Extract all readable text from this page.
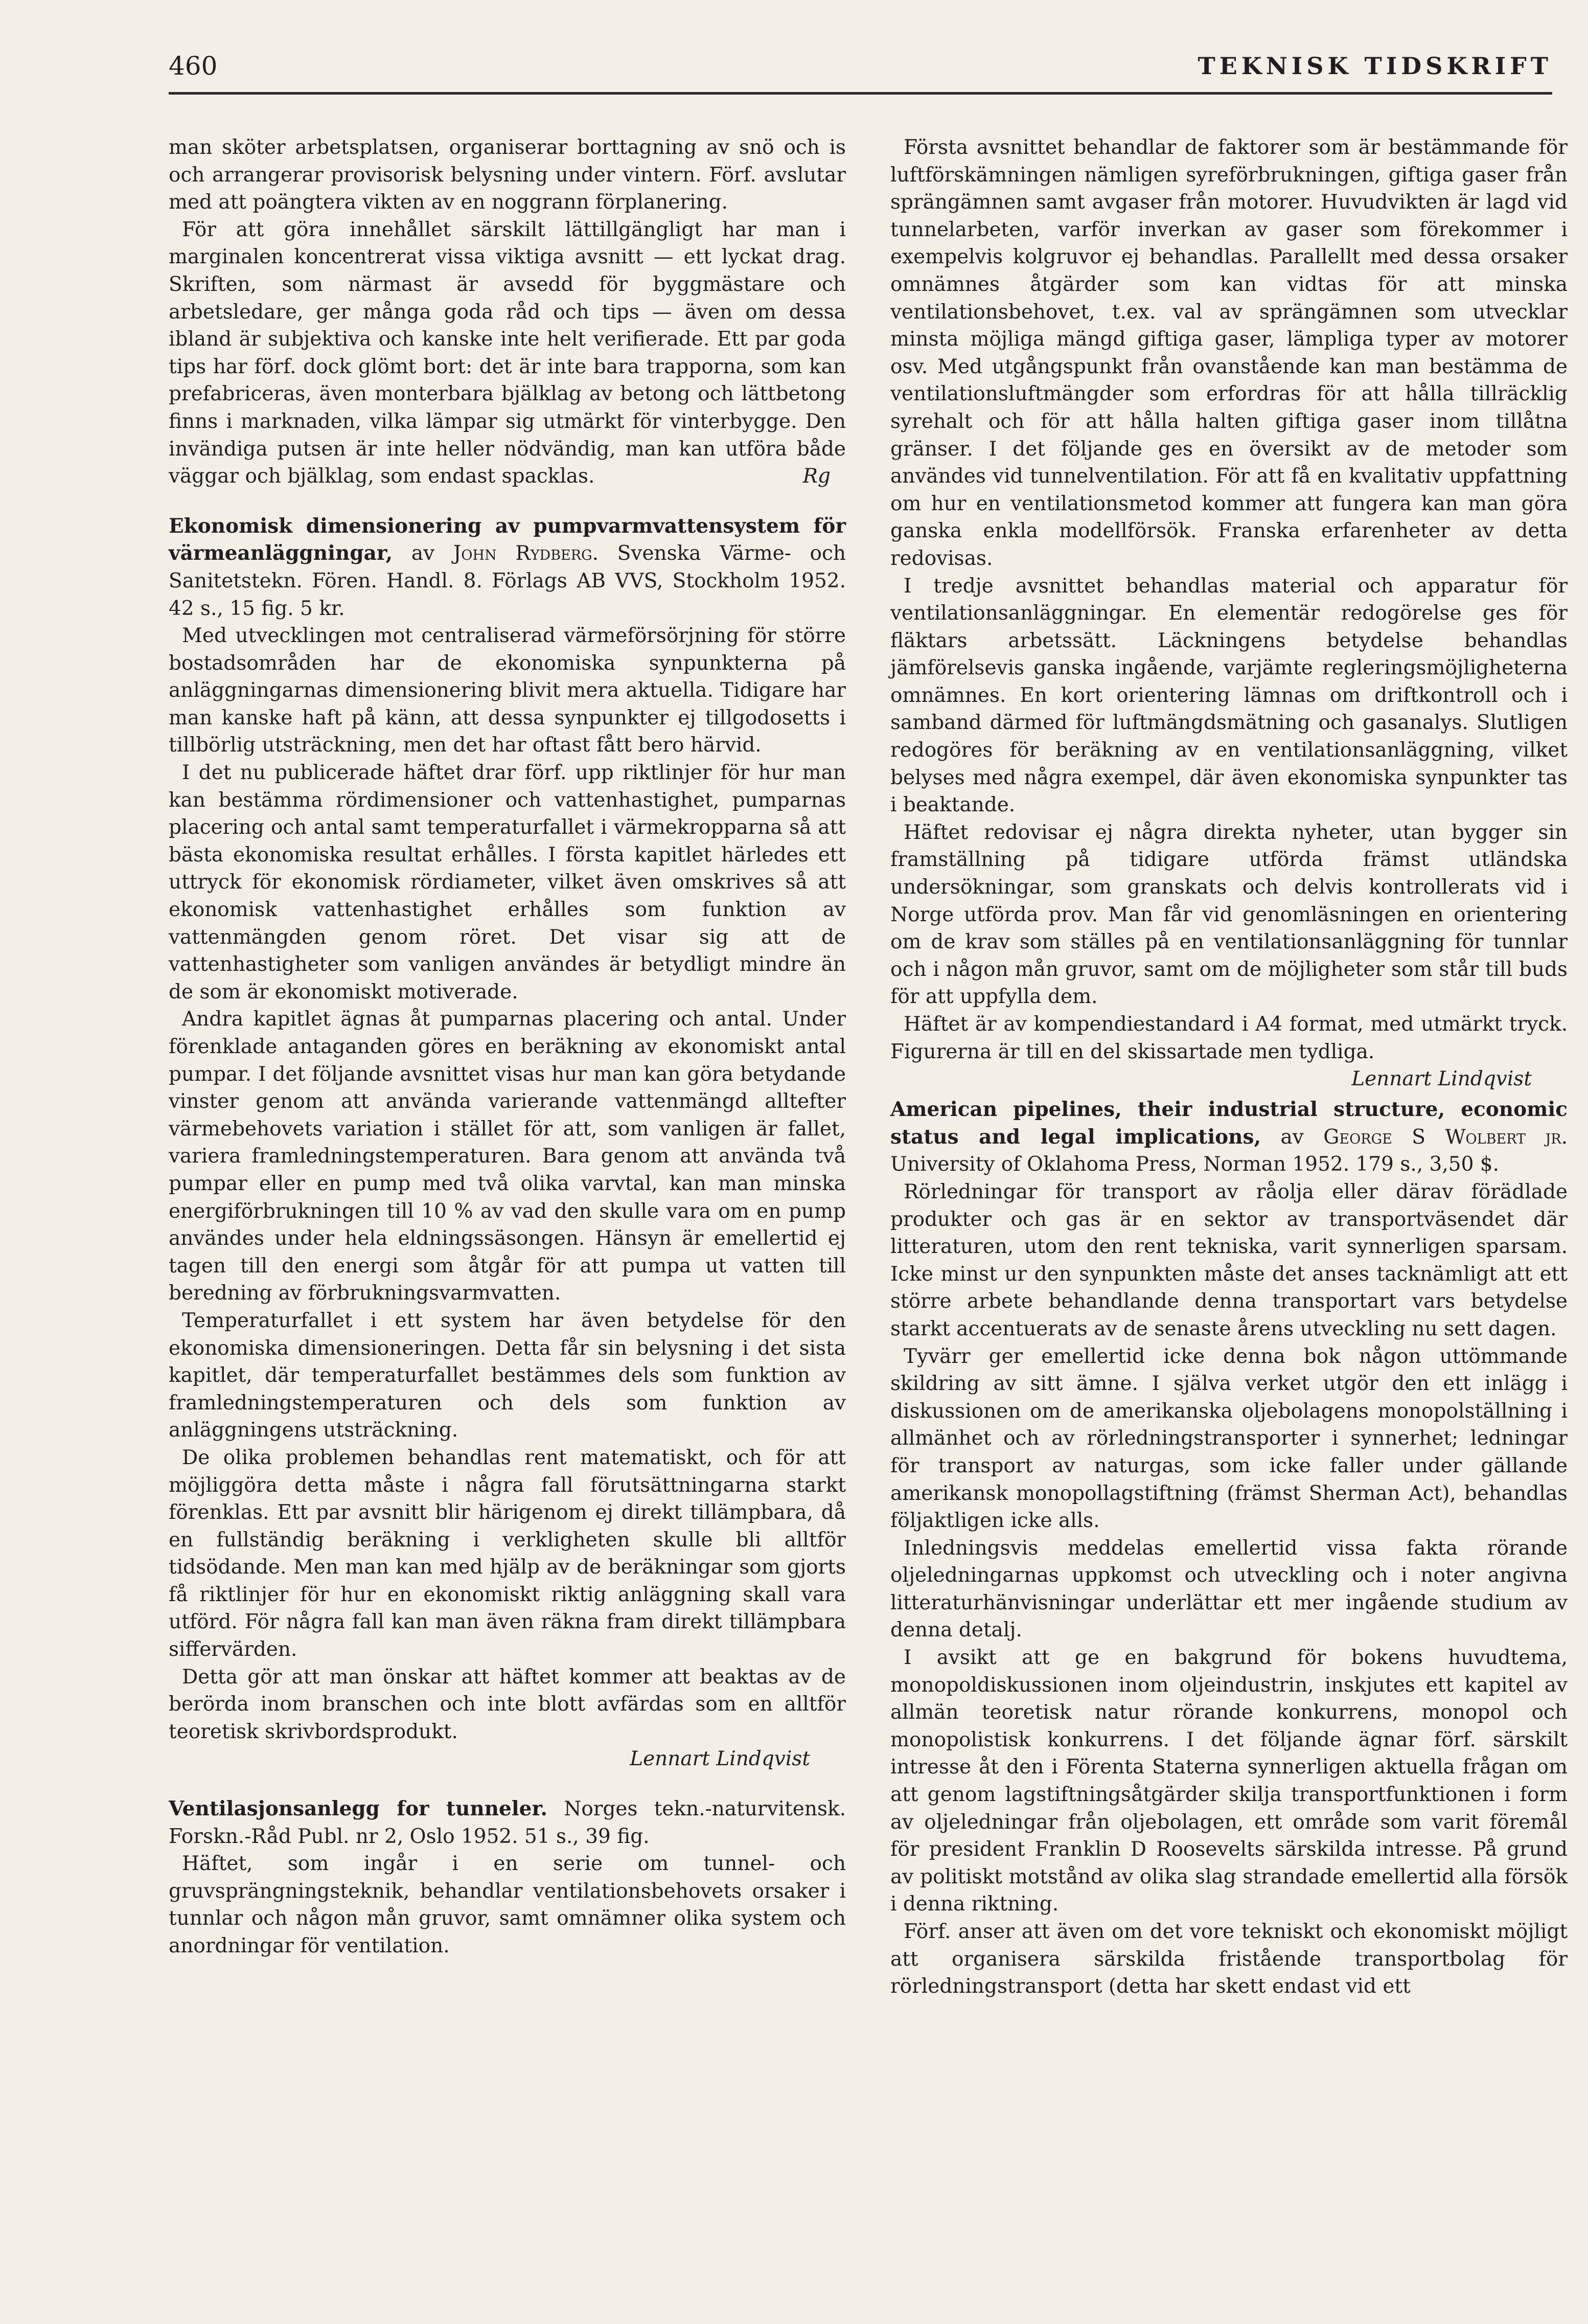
460	TEKNISK TIDSKRIFT

man sköter arbetsplatsen, organiserar borttagning av snö och is och arrangerar provisorisk belysning under vintern. Förf. avslutar med att poängtera vikten av en noggrann förplanering.

För att göra innehållet särskilt lättillgängligt har man i marginalen koncentrerat vissa viktiga avsnitt — ett lyckat drag. Skriften, som närmast är avsedd för byggmästare och arbetsledare, ger många goda råd och tips — även om dessa ibland är subjektiva och kanske inte helt verifierade. Ett par goda tips har förf. dock glömt bort: det är inte bara trapporna, som kan prefabriceras, även monterbara bjälklag av betong och lättbetong finns i marknaden, vilka lämpar sig utmärkt för vinterbygge. Den invändiga putsen är inte heller nödvändig, man kan utföra både väggar och bjälklag, som endast spacklas.	Rg

Ekonomisk dimensionering av pumpvarmvattensystem för värmeanläggningar, av John Rydberg. Svenska Värme- och Sanitetstekn. Fören. Handl. 8. Förlags AB VVS, Stockholm 1952. 42 s., 15 fig. 5 kr.

Med utvecklingen mot centraliserad värmeförsörjning för större bostadsområden har de ekonomiska synpunkterna på anläggningarnas dimensionering blivit mera aktuella. Tidigare har man kanske haft på känn, att dessa synpunkter ej tillgodosetts i tillbörlig utsträckning, men det har oftast fått bero härvid.

I det nu publicerade häftet drar förf. upp riktlinjer för hur man kan bestämma rördimensioner och vattenhastighet, pumparnas placering och antal samt temperaturfallet i värmekropparna så att bästa ekonomiska resultat erhålles. I första kapitlet härledes ett uttryck för ekonomisk rördiameter, vilket även omskrives så att ekonomisk vattenhastighet erhålles som funktion av vattenmängden genom röret. Det visar sig att de vattenhastigheter som vanligen användes är betydligt mindre än de som är ekonomiskt motiverade.

Andra kapitlet ägnas åt pumparnas placering och antal. Under förenklade antaganden göres en beräkning av ekonomiskt antal pumpar. I det följande avsnittet visas hur man kan göra betydande vinster genom att använda varierande vattenmängd alltefter värmebehovets variation i stället för att, som vanligen är fallet, variera framledningstemperaturen. Bara genom att använda två pumpar eller en pump med två olika varvtal, kan man minska energiförbrukningen till 10 % av vad den skulle vara om en pump användes under hela eldningssäsongen. Hänsyn är emellertid ej tagen till den energi som åtgår för att pumpa ut vatten till beredning av förbrukningsvarmvatten.

Temperaturfallet i ett system har även betydelse för den ekonomiska dimensioneringen. Detta får sin belysning i det sista kapitlet, där temperaturfallet bestämmes dels som funktion av framledningstemperaturen och dels som funktion av anläggningens utsträckning.

De olika problemen behandlas rent matematiskt, och för att möjliggöra detta måste i några fall förutsättningarna starkt förenklas. Ett par avsnitt blir härigenom ej direkt tillämpbara, då en fullständig beräkning i verkligheten skulle bli alltför tidsödande. Men man kan med hjälp av de beräkningar som gjorts få riktlinjer för hur en ekonomiskt riktig anläggning skall vara utförd. För några fall kan man även räkna fram direkt tillämpbara siffervärden.

Detta gör att man önskar att häftet kommer att beaktas av de berörda inom branschen och inte blott avfärdas som en alltför teoretisk skrivbordsprodukt.

Lennart Lindqvist

Ventilasjonsanlegg for tunneler. Norges tekn.-naturvitensk. Forskn.-Råd Publ. nr 2, Oslo 1952. 51 s., 39 fig.

Häftet, som ingår i en serie om tunnel- och gruvsprängningsteknik, behandlar ventilationsbehovets orsaker i tunnlar och någon mån gruvor, samt omnämner olika system och anordningar för ventilation.

Första avsnittet behandlar de faktorer som är bestämmande för luftförskämningen nämligen syreförbrukningen, giftiga gaser från sprängämnen samt avgaser från motorer. Huvudvikten är lagd vid tunnelarbeten, varför inverkan av gaser som förekommer i exempelvis kolgruvor ej behandlas. Parallellt med dessa orsaker omnämnes åtgärder som kan vidtas för att minska ventilationsbehovet, t.ex. val av sprängämnen som utvecklar minsta möjliga mängd giftiga gaser, lämpliga typer av motorer osv. Med utgångspunkt från ovanstående kan man bestämma de ventilationsluftmängder som erfordras för att hålla tillräcklig syrehalt och för att hålla halten giftiga gaser inom tillåtna gränser. I det följande ges en översikt av de metoder som användes vid tunnelventilation. För att få en kvalitativ uppfattning om hur en ventilationsmetod kommer att fungera kan man göra ganska enkla modellförsök. Franska erfarenheter av detta redovisas.

I tredje avsnittet behandlas material och apparatur för ventilationsanläggningar. En elementär redogörelse ges för fläktars arbetssätt. Läckningens betydelse behandlas jämförelsevis ganska ingående, varjämte regleringsmöjligheterna omnämnes. En kort orientering lämnas om driftkontroll och i samband därmed för luftmängdsmätning och gasanalys. Slutligen redogöres för beräkning av en ventilationsanläggning, vilket belyses med några exempel, där även ekonomiska synpunkter tas i beaktande.

Häftet redovisar ej några direkta nyheter, utan bygger sin framställning på tidigare utförda främst utländska undersökningar, som granskats och delvis kontrollerats vid i Norge utförda prov. Man får vid genomläsningen en orientering om de krav som ställes på en ventilationsanläggning för tunnlar och i någon mån gruvor, samt om de möjligheter som står till buds för att uppfylla dem.

Häftet är av kompendiestandard i A4 format, med utmärkt tryck. Figurerna är till en del skissartade men tydliga.
Lennart Lindqvist

American pipelines, their industrial structure, economic status and legal implications, av George S Wolbert jr. University of Oklahoma Press, Norman 1952. 179 s., 3,50 $.

Rörledningar för transport av råolja eller därav förädlade produkter och gas är en sektor av transportväsendet där litteraturen, utom den rent tekniska, varit synnerligen sparsam. Icke minst ur den synpunkten måste det anses tacknämligt att ett större arbete behandlande denna transportart vars betydelse starkt accentuerats av de senaste årens utveckling nu sett dagen.

Tyvärr ger emellertid icke denna bok någon uttömmande skildring av sitt ämne. I själva verket utgör den ett inlägg i diskussionen om de amerikanska oljebolagens monopolställning i allmänhet och av rörledningstransporter i synnerhet; ledningar för transport av naturgas, som icke faller under gällande amerikansk monopollagstiftning (främst Sherman Act), behandlas följaktligen icke alls.

Inledningsvis meddelas emellertid vissa fakta rörande oljeledningarnas uppkomst och utveckling och i noter angivna litteraturhänvisningar underlättar ett mer ingående studium av denna detalj.

I avsikt att ge en bakgrund för bokens huvudtema, monopoldiskussionen inom oljeindustrin, inskjutes ett kapitel av allmän teoretisk natur rörande konkurrens, monopol och monopolistisk konkurrens. I det följande ägnar förf. särskilt intresse åt den i Förenta Staterna synnerligen aktuella frågan om att genom lagstiftningsåtgärder skilja transportfunktionen i form av oljeledningar från oljebolagen, ett område som varit föremål för president Franklin D Roosevelts särskilda intresse. På grund av politiskt motstånd av olika slag strandade emellertid alla försök i denna riktning.

Förf. anser att även om det vore tekniskt och ekonomiskt möjligt att organisera särskilda fristående transportbolag för rörledningstransport (detta har skett endast vid ett
